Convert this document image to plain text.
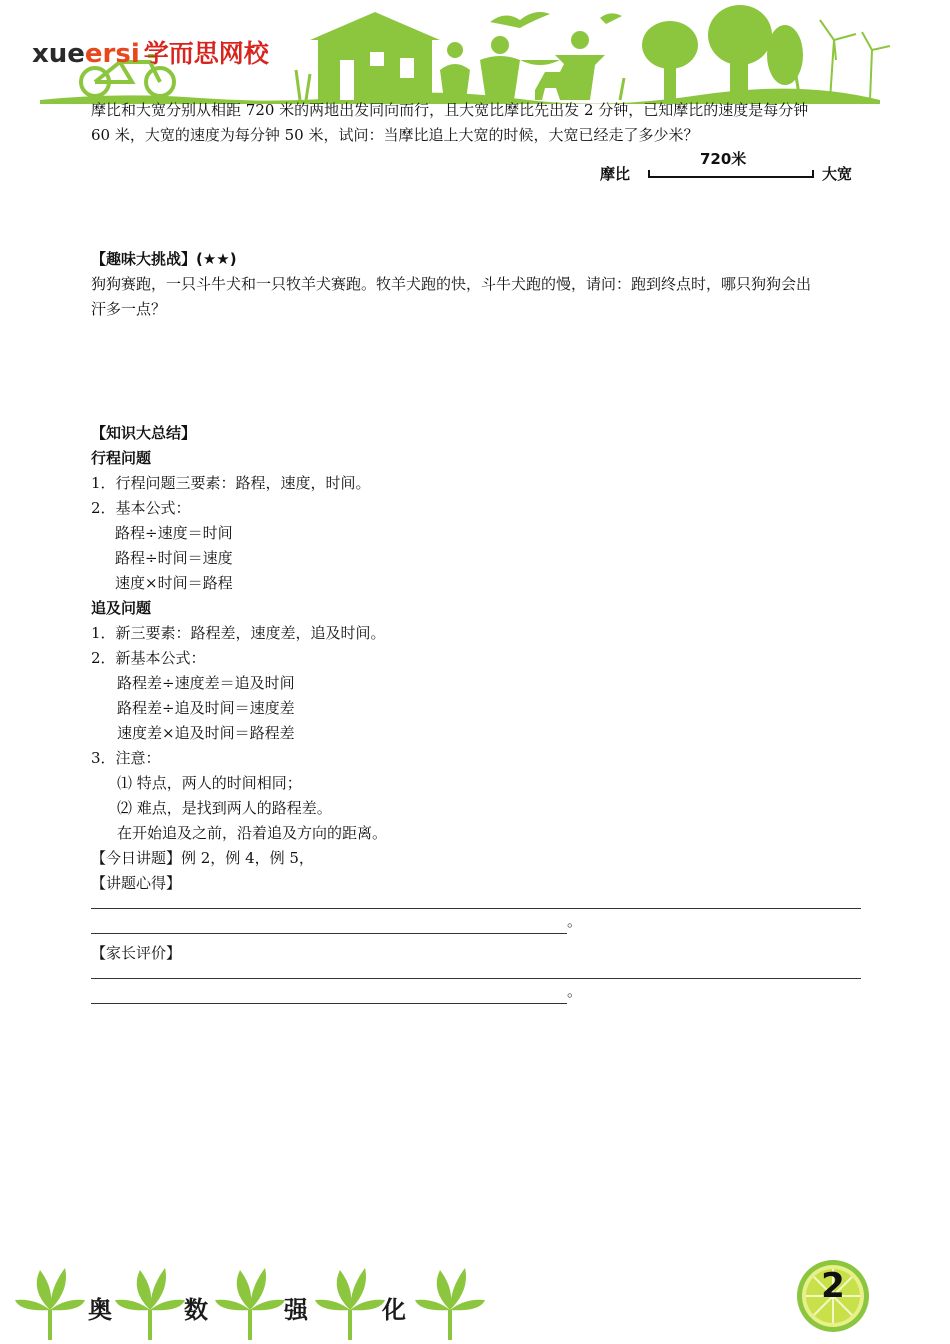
xueersi 学而思网校

摩比和大宽分别从相距 720 米的两地出发同向而行，且大宽比摩比先出发 2 分钟，已知摩比的速度是每分钟

60 米，大宽的速度为每分钟 50 米，试问：当摩比追上大宽的时候，大宽已经走了多少米？

摩比
720米
大宽
【趣味大挑战】(★★)

狗狗赛跑，一只斗牛犬和一只牧羊犬赛跑。牧羊犬跑的快，斗牛犬跑的慢，请问：跑到终点时，哪只狗狗会出

汗多一点？

【知识大总结】
行程问题
1．行程问题三要素：路程，速度，时间。
2．基本公式：
路程÷速度＝时间
路程÷时间＝速度
速度×时间＝路程
追及问题
1．新三要素：路程差，速度差，追及时间。
2．新基本公式：
路程差÷速度差＝追及时间
路程差÷追及时间＝速度差
速度差×追及时间＝路程差
3．注意：
⑴ 特点，两人的时间相同；
⑵ 难点，是找到两人的路程差。
在开始追及之前，沿着追及方向的距离。
【今日讲题】例 2，例 4，例 5，
【讲题心得】
。
【家长评价】
。
奥	数	强	化
2
